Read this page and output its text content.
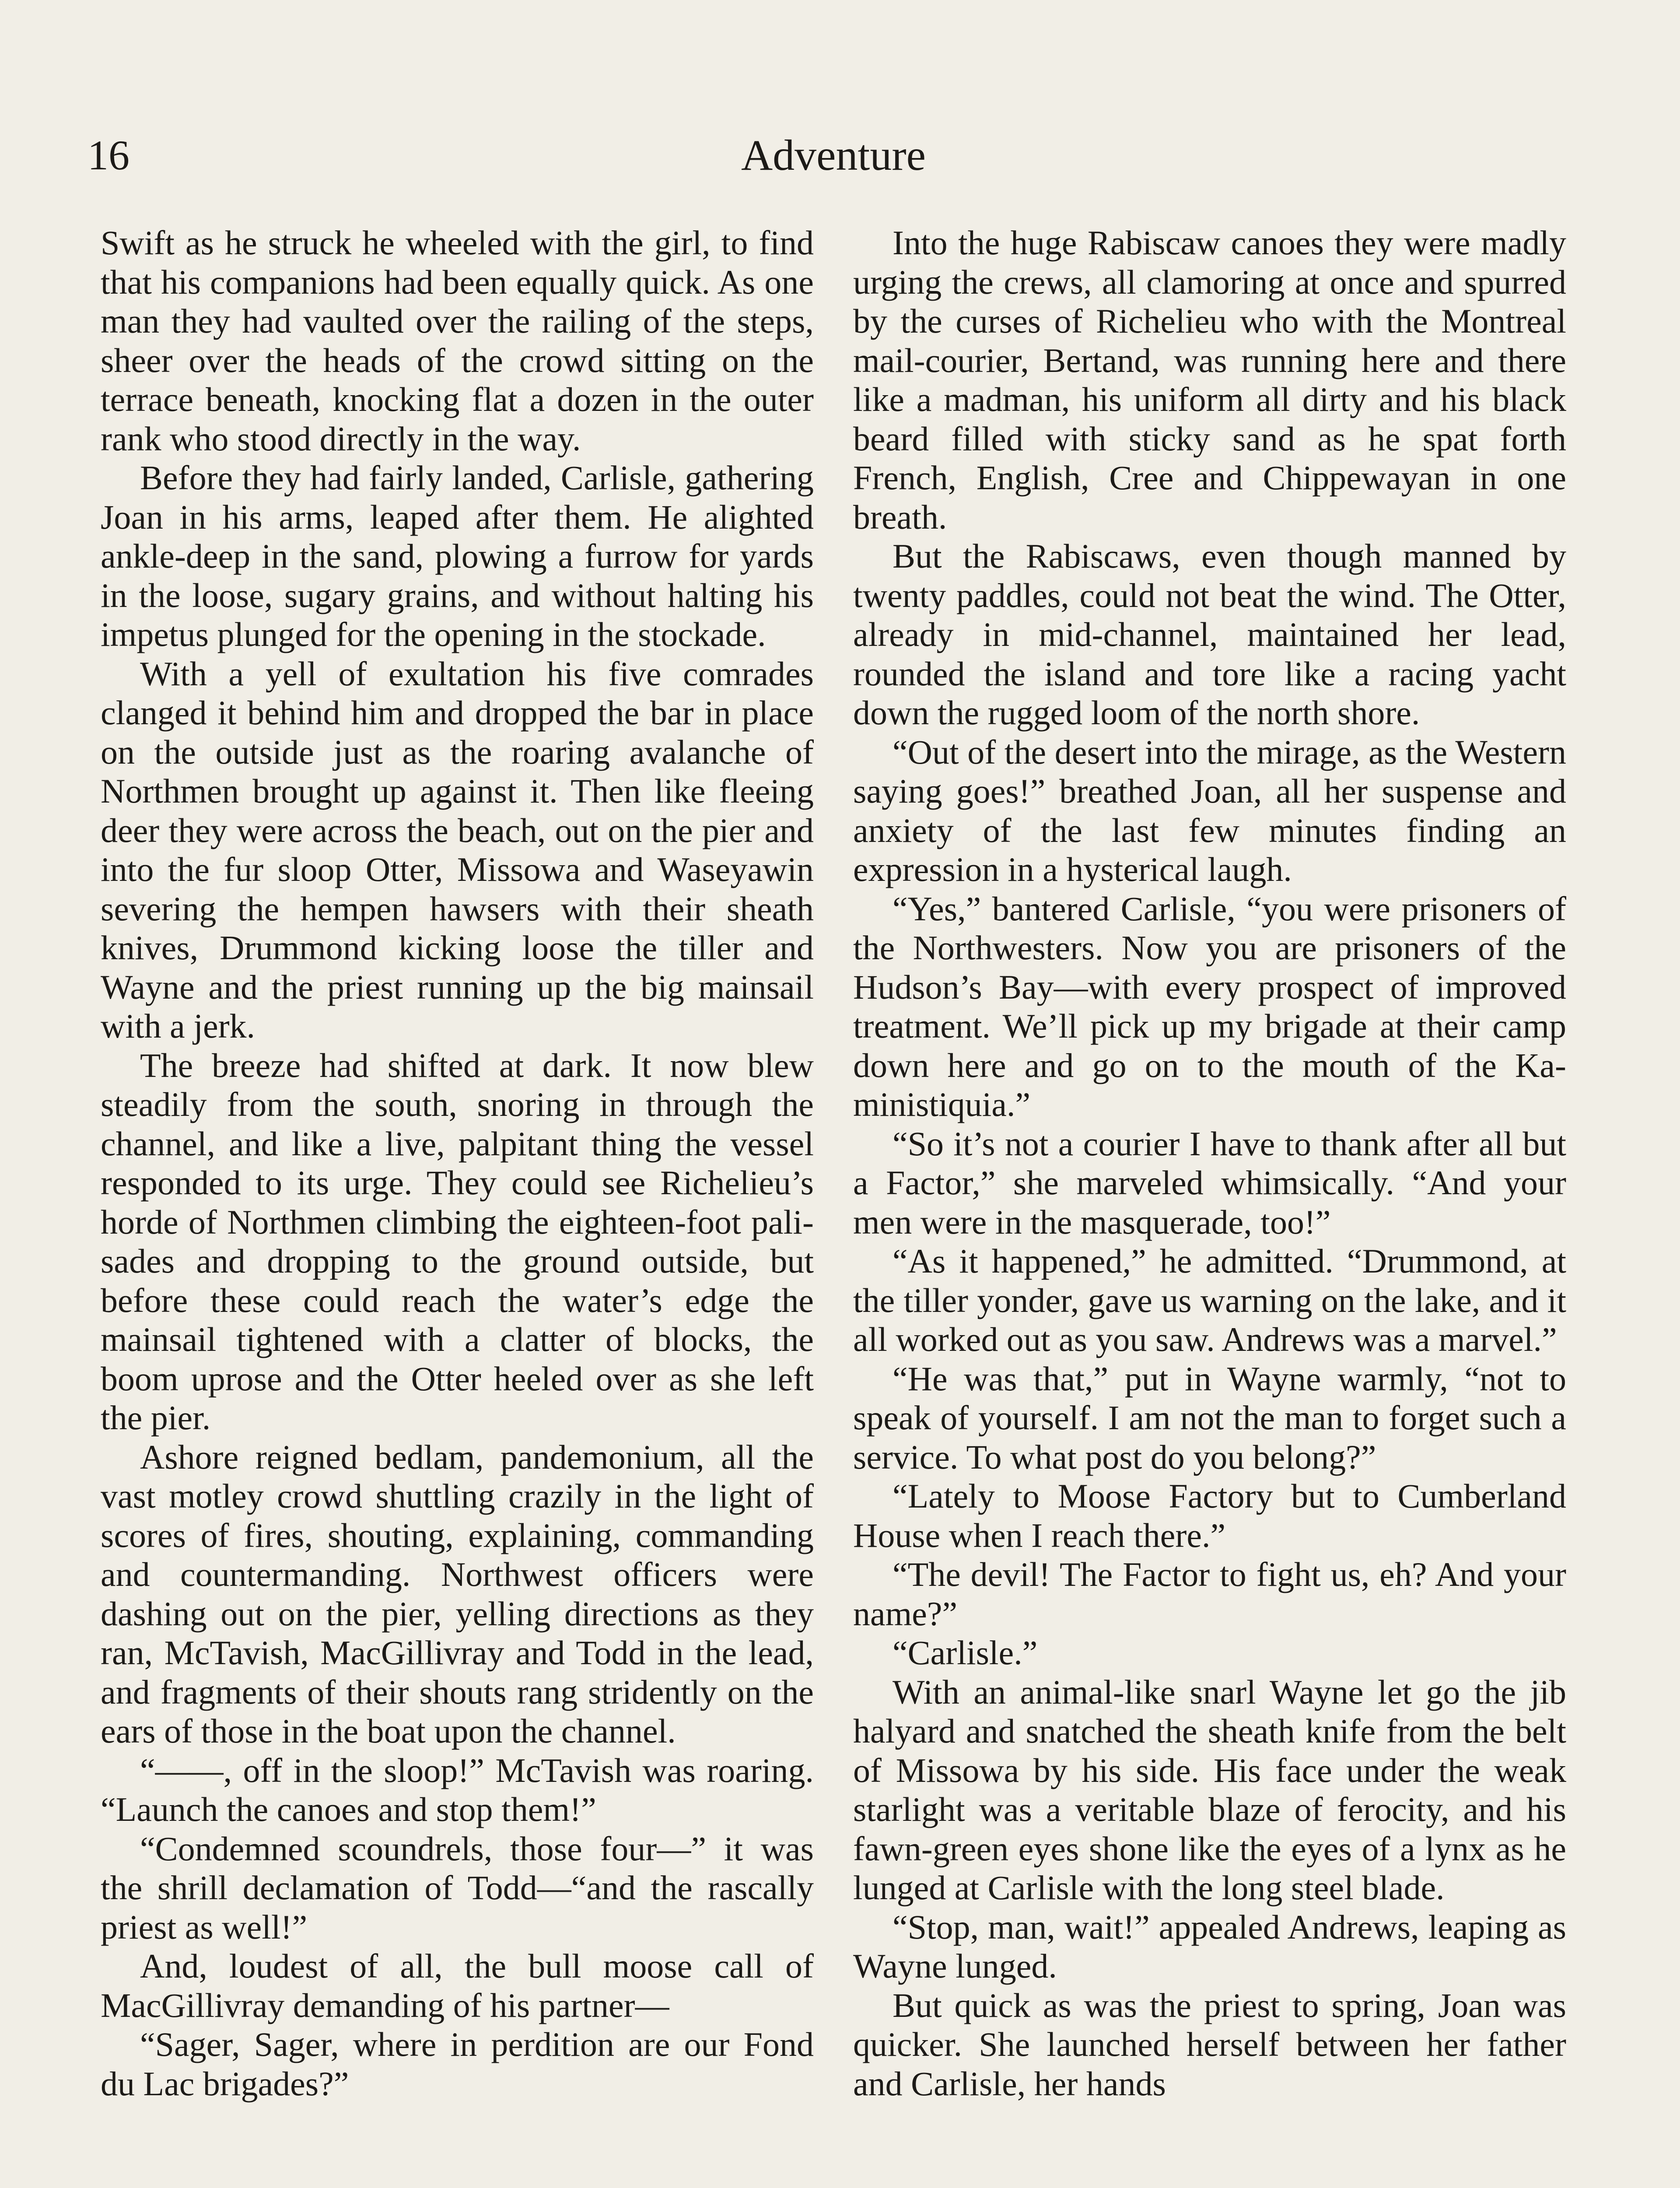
16	Adventure

Swift as he struck he wheeled with the girl, to find that his companions had been equally quick. As one man they had vaulted over the railing of the steps, sheer over the heads of the crowd sitting on the terrace beneath, knocking flat a dozen in the outer rank who stood directly in the way.

Before they had fairly landed, Carlisle, gathering Joan in his arms, leaped after them. He alighted ankle-deep in the sand, plowing a furrow for yards in the loose, sugary grains, and without halting his impetus plunged for the opening in the stockade.

With a yell of exultation his five comrades clanged it behind him and dropped the bar in place on the outside just as the roaring avalanche of Northmen brought up against it. Then like fleeing deer they were across the beach, out on the pier and into the fur sloop Otter, Missowa and Waseyawin severing the hempen hawsers with their sheath knives, Drummond kicking loose the tiller and Wayne and the priest running up the big mainsail with a jerk.

The breeze had shifted at dark. It now blew steadily from the south, snoring in through the channel, and like a live, palpitant thing the vessel responded to its urge. They could see Richelieu’s horde of Northmen climbing the eighteen-foot palisades and dropping to the ground outside, but before these could reach the water’s edge the mainsail tightened with a clatter of blocks, the boom uprose and the Otter heeled over as she left the pier.

Ashore reigned bedlam, pandemonium, all the vast motley crowd shuttling crazily in the light of scores of fires, shouting, explaining, commanding and countermanding. Northwest officers were dashing out on the pier, yelling directions as they ran, McTavish, MacGillivray and Todd in the lead, and fragments of their shouts rang stridently on the ears of those in the boat upon the channel.

“——, off in the sloop!” McTavish was roaring. “Launch the canoes and stop them!”

“Condemned scoundrels, those four—” it was the shrill declamation of Todd—“and the rascally priest as well!”

And, loudest of all, the bull moose call of MacGillivray demanding of his partner—

“Sager, Sager, where in perdition are our Fond du Lac brigades?”

Into the huge Rabiscaw canoes they were madly urging the crews, all clamoring at once and spurred by the curses of Richelieu who with the Montreal mail-courier, Bertand, was running here and there like a madman, his uniform all dirty and his black beard filled with sticky sand as he spat forth French, English, Cree and Chippewayan in one breath.

But the Rabiscaws, even though manned by twenty paddles, could not beat the wind. The Otter, already in mid-channel, maintained her lead, rounded the island and tore like a racing yacht down the rugged loom of the north shore.

“Out of the desert into the mirage, as the Western saying goes!” breathed Joan, all her suspense and anxiety of the last few minutes finding an expression in a hysterical laugh.

“Yes,” bantered Carlisle, “you were prisoners of the Northwesters. Now you are prisoners of the Hudson’s Bay—with every prospect of improved treatment. We’ll pick up my brigade at their camp down here and go on to the mouth of the Kaministiquia.”

“So it’s not a courier I have to thank after all but a Factor,” she marveled whimsically. “And your men were in the masquerade, too!”

“As it happened,” he admitted. “Drummond, at the tiller yonder, gave us warning on the lake, and it all worked out as you saw. Andrews was a marvel.”

“He was that,” put in Wayne warmly, “not to speak of yourself. I am not the man to forget such a service. To what post do you belong?”

“Lately to Moose Factory but to Cumberland House when I reach there.”

“The devil! The Factor to fight us, eh? And your name?”

“Carlisle.”

With an animal-like snarl Wayne let go the jib halyard and snatched the sheath knife from the belt of Missowa by his side. His face under the weak starlight was a veritable blaze of ferocity, and his fawn-green eyes shone like the eyes of a lynx as he lunged at Carlisle with the long steel blade.

“Stop, man, wait!” appealed Andrews, leaping as Wayne lunged.

But quick as was the priest to spring, Joan was quicker. She launched herself between her father and Carlisle, her hands
